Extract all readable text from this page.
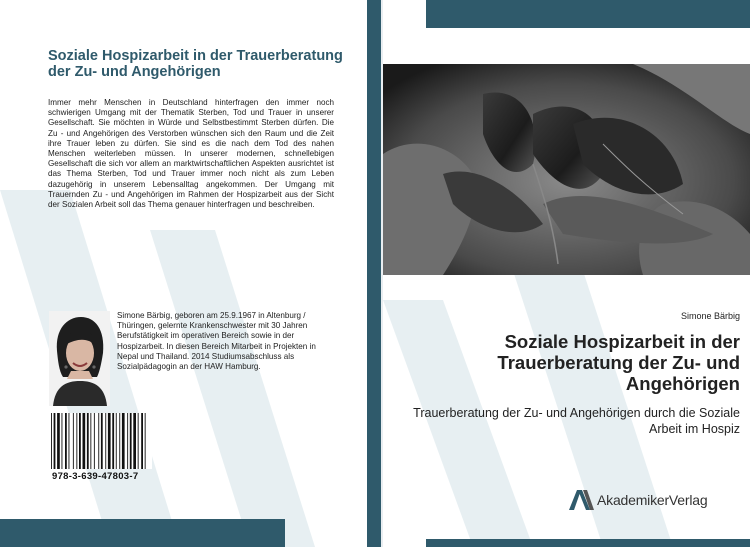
Soziale Hospizarbeit in der Trauerberatung der Zu- und Angehörigen
Immer mehr Menschen in Deutschland hinterfragen den immer noch schwierigen Umgang mit der Thematik Sterben, Tod und Trauer in unserer Gesellschaft. Sie möchten in Würde und Selbstbestimmt Sterben dürfen. Die Zu - und Angehörigen des Verstorben wünschen sich den Raum und die Zeit ihre Trauer leben zu dürfen. Sie sind es die nach dem Tod des nahen Menschen weiterleben müssen. In unserer modernen, schnellebigen Gesellschaft die sich vor allem an marktwirtschaftlichen Aspekten ausrichtet ist das Thema Sterben, Tod und Trauer immer noch nicht als zum Leben dazugehörig in unserem Lebensalltag angekommen. Der Umgang mit Trauernden Zu - und Angehörigen im Rahmen der Hospizarbeit aus der Sicht der Sozialen Arbeit soll das Thema genauer hinterfragen und beschreiben.
Simone Bärbig, geboren am 25.9.1967 in Altenburg / Thüringen, gelernte Krankenschwester mit 30 Jahren Berufstätigkeit im operativen Bereich sowie in der Hospizarbeit. In diesen Bereich Mitarbeit in Projekten in Nepal und Thailand. 2014 Studiumsabschluss als Sozialpädagogin an der HAW Hamburg.
978-3-639-47803-7
Simone Bärbig
Soziale Hospizarbeit in der Trauerberatung der Zu- und Angehörigen
Trauerberatung der Zu- und Angehörigen durch die Soziale Arbeit im Hospiz
AkademikerVerlag
